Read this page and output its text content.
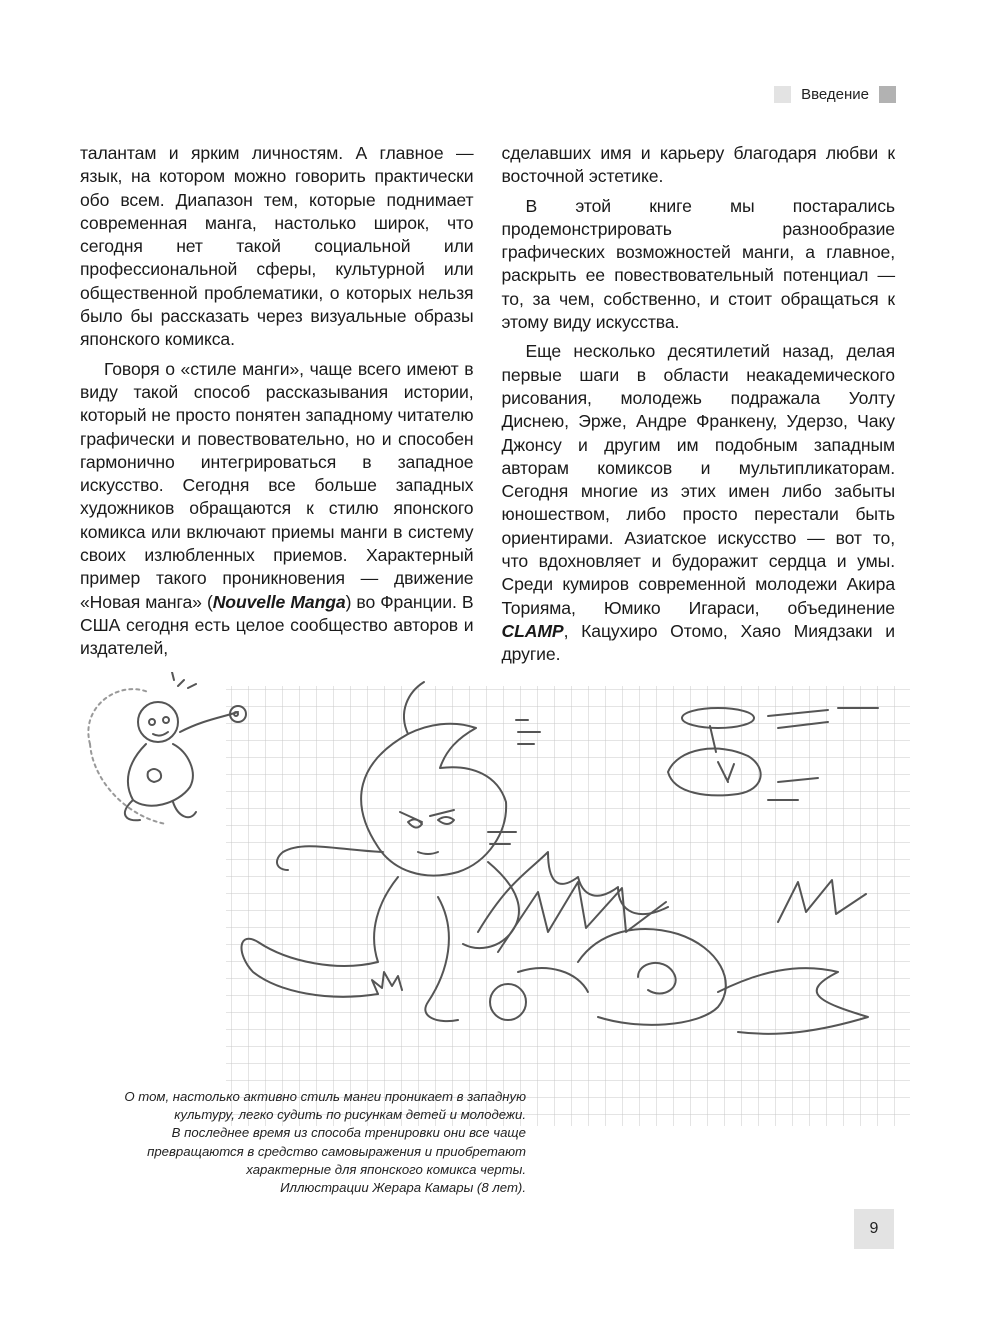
Введение

талантам и ярким личностям. А главное — язык, на котором можно говорить практически обо всем. Диапазон тем, которые поднимает современная манга, настолько широк, что сегодня нет такой социальной или профессиональной сферы, культурной или общественной проблематики, о которых нельзя было бы рассказать через визуальные образы японского комикса.

Говоря о «стиле манги», чаще всего имеют в виду такой способ рассказывания истории, который не просто понятен западному читателю графически и повествовательно, но и способен гармонично интегрироваться в западное искусство. Сегодня все больше западных художников обращаются к стилю японского комикса или включают приемы манги в систему своих излюбленных приемов. Характерный пример такого проникновения — движение «Новая манга» (Nouvelle Manga) во Франции. В США сегодня есть целое сообщество авторов и издателей,

сделавших имя и карьеру благодаря любви к восточной эстетике.

В этой книге мы постарались продемонстрировать разнообразие графических возможностей манги, а главное, раскрыть ее повествовательный потенциал — то, за чем, собственно, и стоит обращаться к этому виду искусства.

Еще несколько десятилетий назад, делая первые шаги в области неакадемического рисования, молодежь подражала Уолту Диснею, Эрже, Андре Франкену, Удерзо, Чаку Джонсу и другим им подобным западным авторам комиксов и мультипликаторам. Сегодня многие из этих имен либо забыты юношеством, либо просто перестали быть ориентирами. Азиатское искусство — вот то, что вдохновляет и будоражит сердца и умы. Среди кумиров современной молодежи Акира Торияма, Юмико Игараси, объединение CLAMP, Кацухиро Отомо, Хаяо Миядзаки и другие.

О том, настолько активно стиль манги проникает в западную
культуру, легко судить по рисункам детей и молодежи.
В последнее время из способа тренировки они все чаще
превращаются в средство самовыражения и приобретают
характерные для японского комикса черты.
Иллюстрации Жерара Камары (8 лет).
9
